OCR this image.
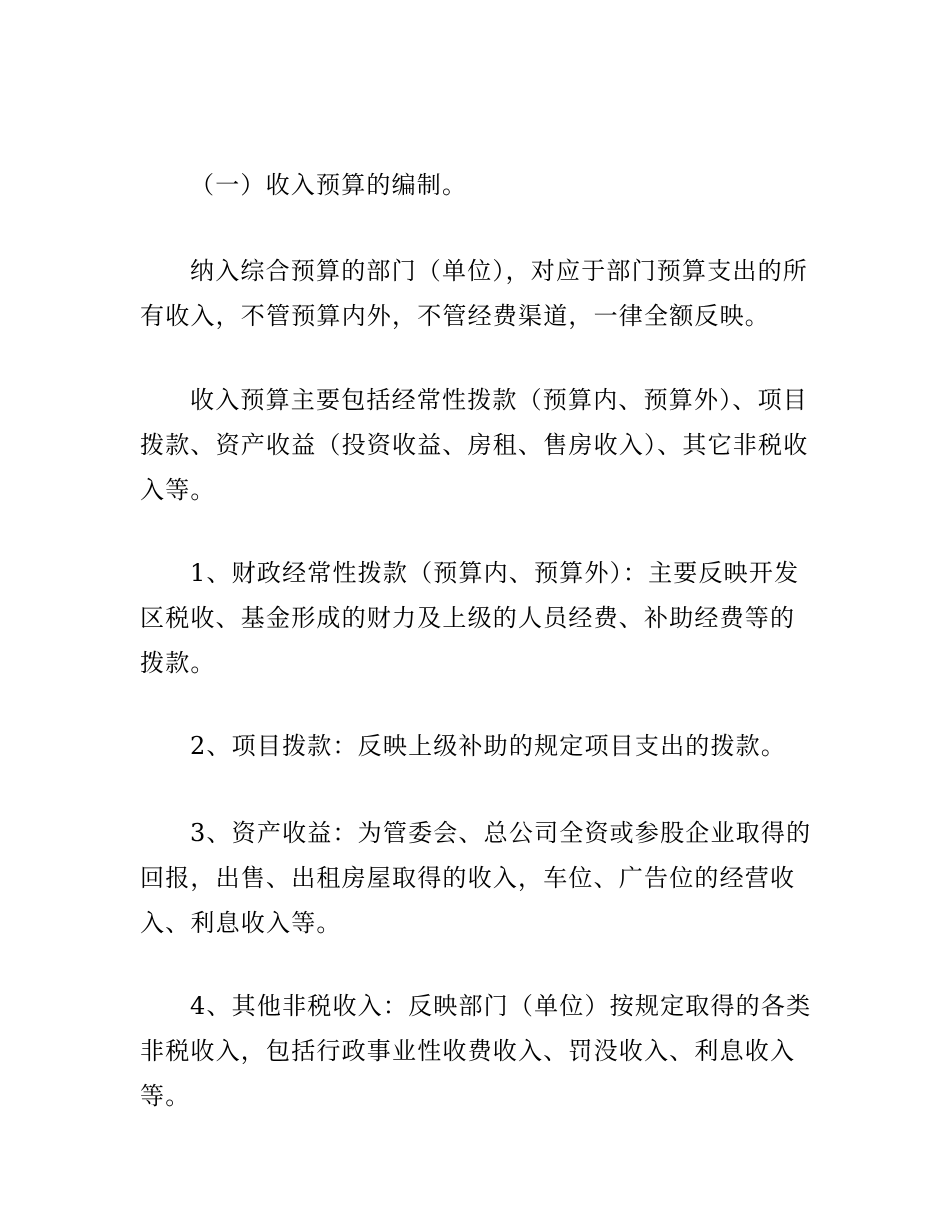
（一）收入预算的编制。

纳入综合预算的部门（单位），对应于部门预算支出的所有收入，不管预算内外，不管经费渠道，一律全额反映。

收入预算主要包括经常性拨款（预算内、预算外）、项目拨款、资产收益（投资收益、房租、售房收入）、其它非税收入等。

1、财政经常性拨款（预算内、预算外）：主要反映开发区税收、基金形成的财力及上级的人员经费、补助经费等的拨款。

2、项目拨款：反映上级补助的规定项目支出的拨款。

3、资产收益：为管委会、总公司全资或参股企业取得的回报，出售、出租房屋取得的收入，车位、广告位的经营收入、利息收入等。

4、其他非税收入：反映部门（单位）按规定取得的各类非税收入，包括行政事业性收费收入、罚没收入、利息收入等。
